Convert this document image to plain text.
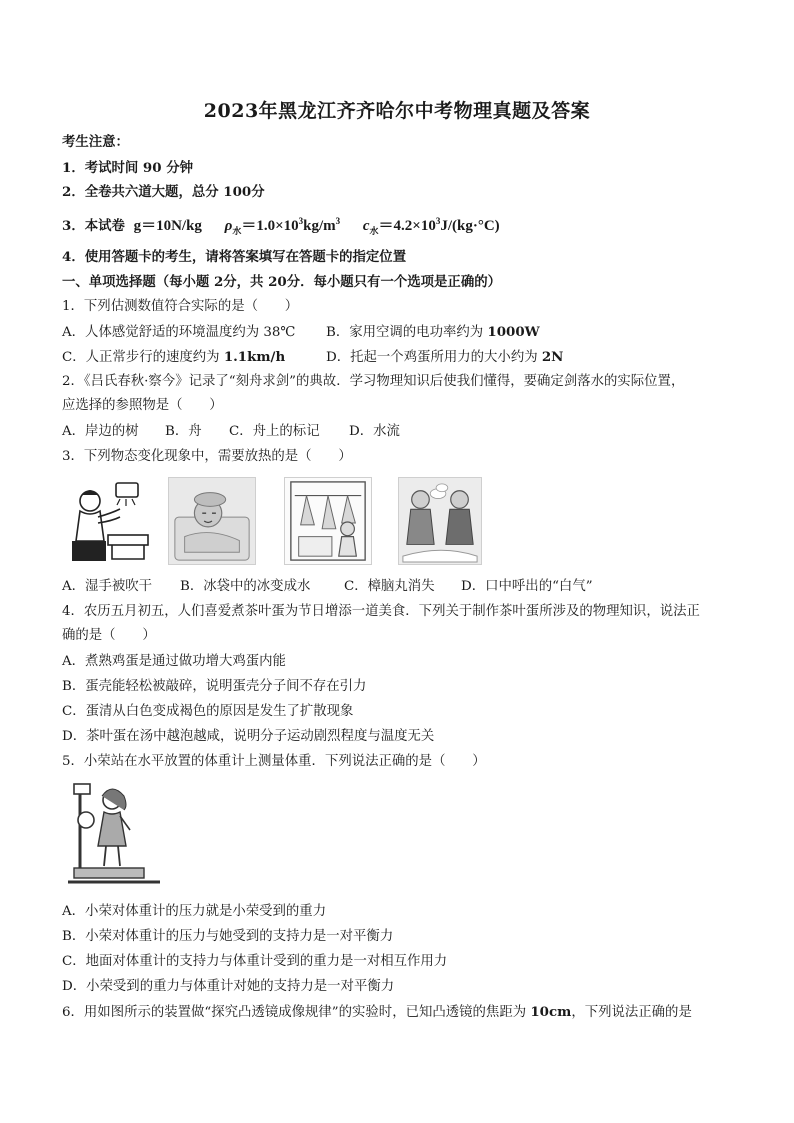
2023年黑龙江齐齐哈尔中考物理真题及答案
考生注意：
1．考试时间 90 分钟
2．全卷共六道大题，总分 100分
3．本试卷 g＝10N/kg $\rho_水=1.0\times 10^3kg/m^3$ $c_水=4.2\times 10^3J/(kg\cdot^\circ C)$
4．使用答题卡的考生，请将答案填写在答题卡的指定位置
一、单项选择题（每小题 2分，共 20分．每小题只有一个选项是正确的）
1．下列估测数值符合实际的是（　　）
A．人体感觉舒适的环境温度约为 38℃ B．家用空调的电功率约为 1000W
C．人正常步行的速度约为 1.1km/h	D．托起一个鸡蛋所用力的大小约为 2N
2．《吕氏春秋·察今》记录了“刻舟求剑”的典故．学习物理知识后使我们懂得，要确定剑落水的实际位置，
应选择的参照物是（　　）
A．岸边的树 B．舟 C．舟上的标记 D．水流
3．下列物态变化现象中，需要放热的是（　　）
A．湿手被吹干 B．冰袋中的冰变成水	C．樟脑丸消失 D．口中呼出的“白气”
4．农历五月初五，人们喜爱煮茶叶蛋为节日增添一道美食．下列关于制作茶叶蛋所涉及的物理知识，说法正
确的是（　　）
A．煮熟鸡蛋是通过做功增大鸡蛋内能
B．蛋壳能轻松被敲碎，说明蛋壳分子间不存在引力
C．蛋清从白色变成褐色的原因是发生了扩散现象
D．茶叶蛋在汤中越泡越咸，说明分子运动剧烈程度与温度无关
5．小荣站在水平放置的体重计上测量体重．下列说法正确的是（　　）
A．小荣对体重计的压力就是小荣受到的重力
B．小荣对体重计的压力与她受到的支持力是一对平衡力
C．地面对体重计的支持力与体重计受到的重力是一对相互作用力
D．小荣受到的重力与体重计对她的支持力是一对平衡力
6．用如图所示的装置做“探究凸透镜成像规律”的实验时，已知凸透镜的焦距为 10cm，下列说法正确的是
